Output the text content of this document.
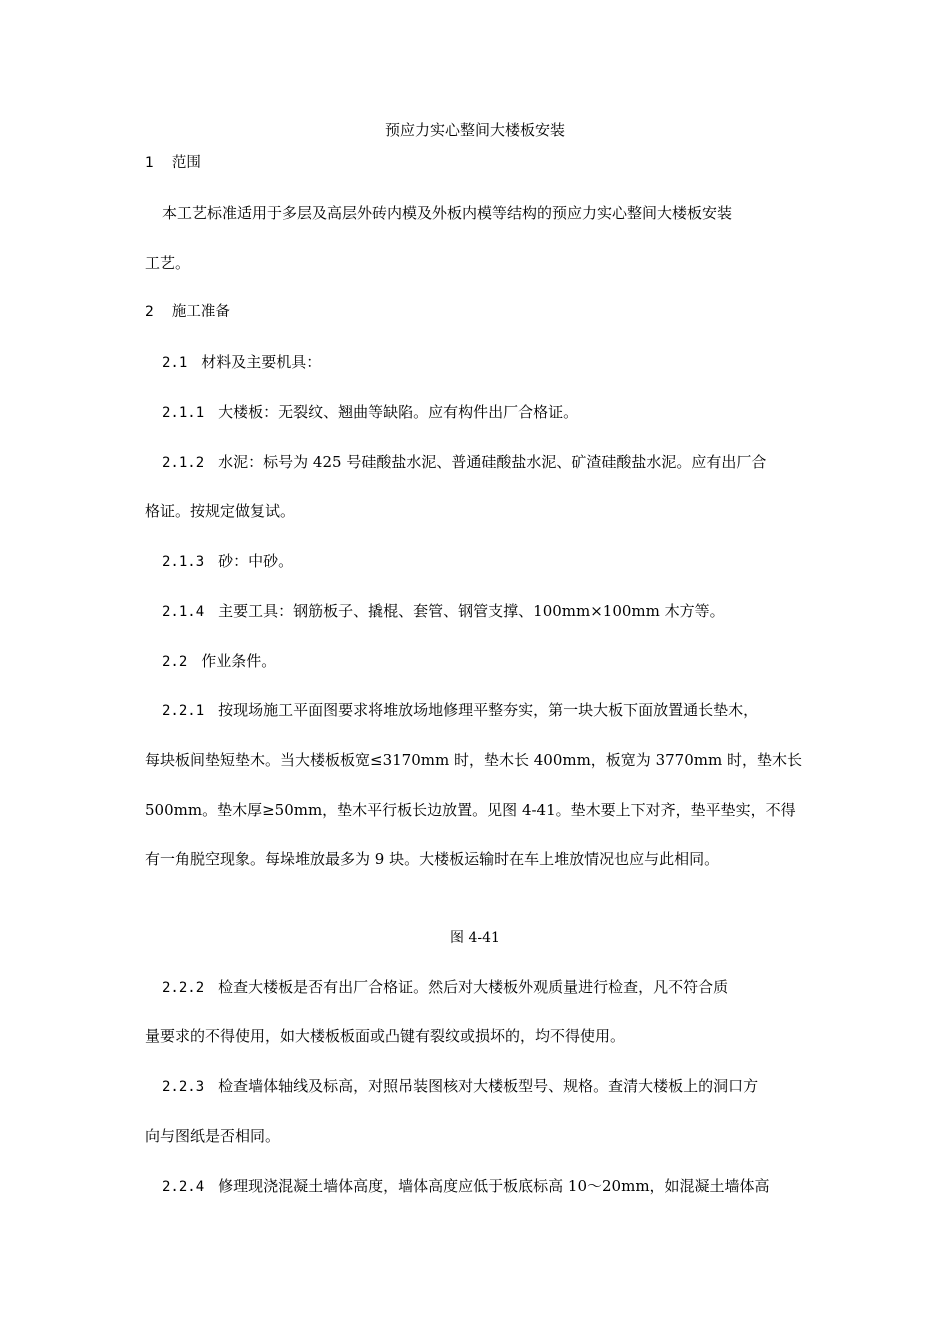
预应力实心整间大楼板安装
1 范围
本工艺标准适用于多层及高层外砖内模及外板内模等结构的预应力实心整间大楼板安装
工艺。
2 施工准备
2.1 材料及主要机具：
2.1.1 大楼板：无裂纹、翘曲等缺陷。应有构件出厂合格证。
2.1.2 水泥：标号为 425 号硅酸盐水泥、普通硅酸盐水泥、矿渣硅酸盐水泥。应有出厂合
格证。按规定做复试。
2.1.3 砂：中砂。
2.1.4 主要工具：钢筋板子、撬棍、套管、钢管支撑、100mm×100mm 木方等。
2.2 作业条件。
2.2.1 按现场施工平面图要求将堆放场地修理平整夯实，第一块大板下面放置通长垫木，
每块板间垫短垫木。当大楼板板宽≤3170mm 时，垫木长 400mm，板宽为 3770mm 时，垫木长
500mm。垫木厚≥50mm，垫木平行板长边放置。见图 4-41。垫木要上下对齐，垫平垫实，不得
有一角脱空现象。每垛堆放最多为 9 块。大楼板运输时在车上堆放情况也应与此相同。
图 4-41
2.2.2 检查大楼板是否有出厂合格证。然后对大楼板外观质量进行检查，凡不符合质
量要求的不得使用，如大楼板板面或凸键有裂纹或损坏的，均不得使用。
2.2.3 检查墙体轴线及标高，对照吊装图核对大楼板型号、规格。查清大楼板上的洞口方
向与图纸是否相同。
2.2.4 修理现浇混凝土墙体高度，墙体高度应低于板底标高 10～20mm，如混凝土墙体高
